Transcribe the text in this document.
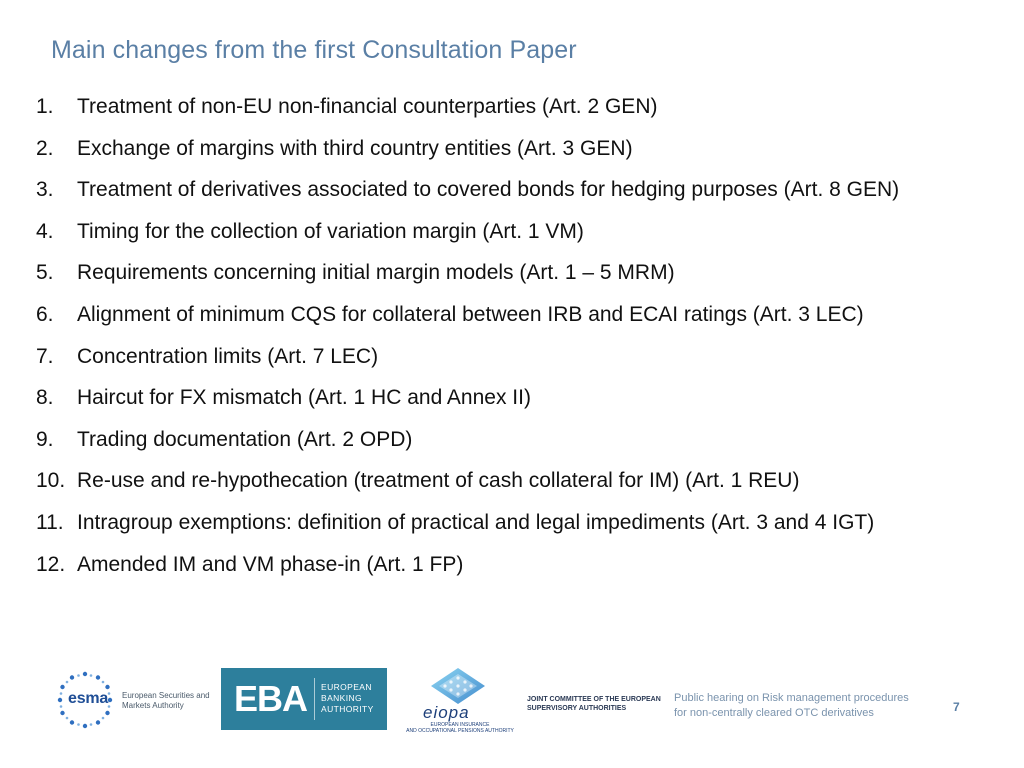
Main changes from the first Consultation Paper
1.	Treatment of non-EU non-financial counterparties (Art. 2 GEN)
2.	Exchange of margins with third country entities (Art. 3 GEN)
3.	Treatment of derivatives associated to covered bonds for hedging purposes (Art. 8 GEN)
4.	Timing for the collection of variation margin (Art. 1 VM)
5.	Requirements concerning initial margin models (Art. 1 – 5 MRM)
6.	Alignment of minimum CQS for collateral between IRB and ECAI ratings (Art. 3 LEC)
7.	Concentration limits (Art. 7 LEC)
8.	Haircut for FX mismatch (Art. 1 HC and Annex II)
9.	Trading documentation (Art. 2 OPD)
10. Re-use and re-hypothecation (treatment of cash collateral for IM) (Art. 1 REU)
11. Intragroup exemptions: definition of practical and legal impediments (Art. 3 and 4 IGT)
12. Amended IM and VM phase-in (Art. 1 FP)
esma European Securities and
Markets Authority	EBA EUROPEAN
BANKING
AUTHORITY	eiopa
EUROPEAN INSURANCE
AND OCCUPATIONAL PENSIONS AUTHORITY
JOINT COMMITTEE OF THE EUROPEAN
SUPERVISORY AUTHORITIES
Public hearing on Risk management procedures
for non-centrally cleared OTC derivatives	7
